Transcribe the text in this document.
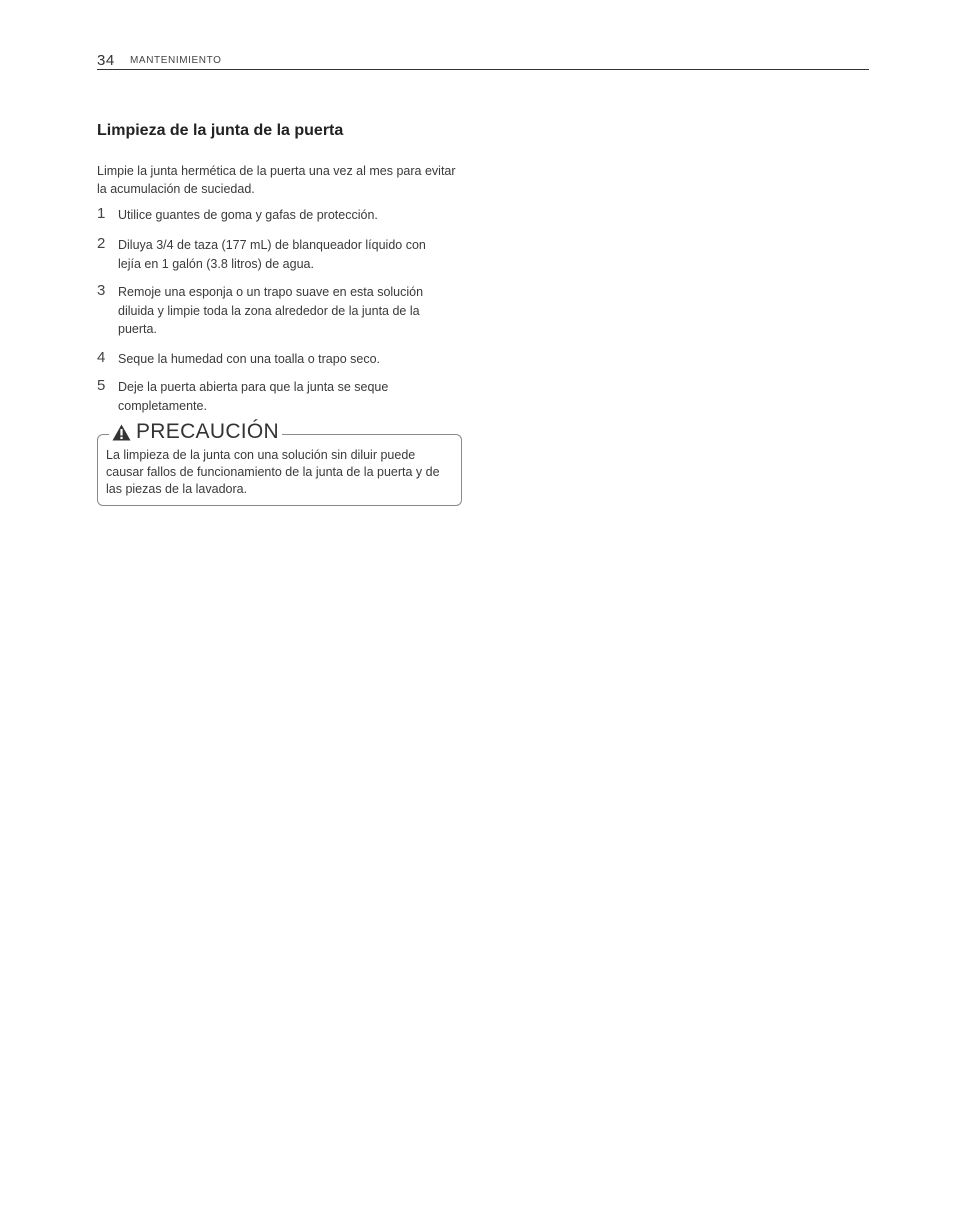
34 MANTENIMIENTO
Limpieza de la junta de la puerta

Limpie la junta hermética de la puerta una vez al mes para evitar la acumulación de suciedad.

1 Utilice guantes de goma y gafas de protección.
2 Diluya 3/4 de taza (177 mL) de blanqueador líquido con lejía en 1 galón (3.8 litros) de agua.
3 Remoje una esponja o un trapo suave en esta solución diluida y limpie toda la zona alrededor de la junta de la puerta.
4 Seque la humedad con una toalla o trapo seco.
5 Deje la puerta abierta para que la junta se seque completamente.
PRECAUCIÓN

La limpieza de la junta con una solución sin diluir puede causar fallos de funcionamiento de la junta de la puerta y de las piezas de la lavadora.
